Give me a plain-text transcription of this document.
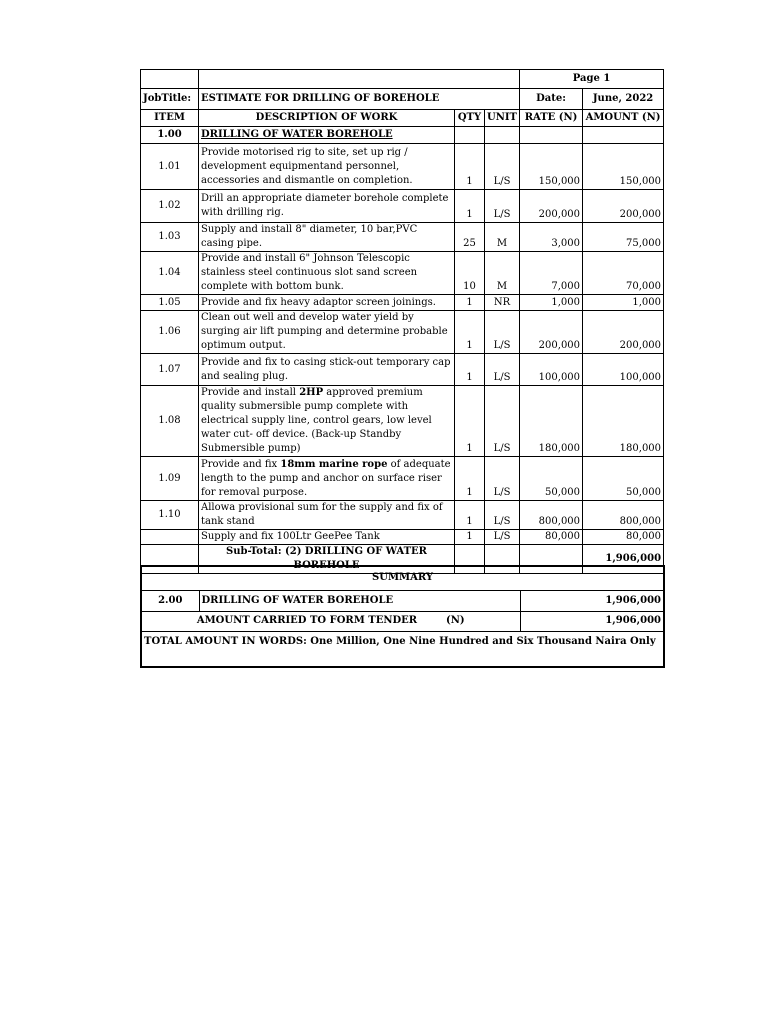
				Page 1	
JobTitle:	ESTIMATE FOR DRILLING OF BOREHOLE			Date:	June, 2022
ITEM	DESCRIPTION OF WORK	QTY	UNIT	RATE (N)	AMOUNT (N)
1.00	DRILLING OF WATER BOREHOLE				
1.01	Provide motorised rig to site, set up rig / development equipmentand personnel, accessories and dismantle on completion.	1	L/S	150,000	150,000
1.02	Drill an appropriate diameter borehole complete with drilling rig.	1	L/S	200,000	200,000
1.03	Supply and install 8" diameter, 10 bar,PVC casing pipe.	25	M	3,000	75,000
1.04	Provide and install 6" Johnson Telescopic stainless steel continuous slot sand screen complete with bottom bunk.	10	M	7,000	70,000
1.05	Provide and fix heavy adaptor screen joinings.	1	NR	1,000	1,000
1.06	Clean out well and develop water yield by surging air lift pumping and determine probable optimum output.	1	L/S	200,000	200,000
1.07	Provide and fix to casing stick-out temporary cap and sealing plug.	1	L/S	100,000	100,000
1.08	Provide and install 2HP approved premium quality submersible pump complete with electrical supply line, control gears, low level water cut- off device. (Back-up Standby Submersible pump)	1	L/S	180,000	180,000
1.09	Provide and fix 18mm marine rope of adequate length to the pump and anchor on surface riser for removal purpose.	1	L/S	50,000	50,000
1.10	Allowa provisional sum for the supply and fix of tank stand	1	L/S	800,000	800,000
	Supply and fix 100Ltr GeePee Tank	1	L/S	80,000	80,000
	Sub-Total: (2) DRILLING OF WATER BOREHOLE				1,906,000
SUMMARY		
2.00	DRILLING OF WATER BOREHOLE	1,906,000
AMOUNT CARRIED TO FORM TENDER (N)		1,906,000
TOTAL AMOUNT IN WORDS: One Million, One Nine Hundred and Six Thousand Naira Only		
